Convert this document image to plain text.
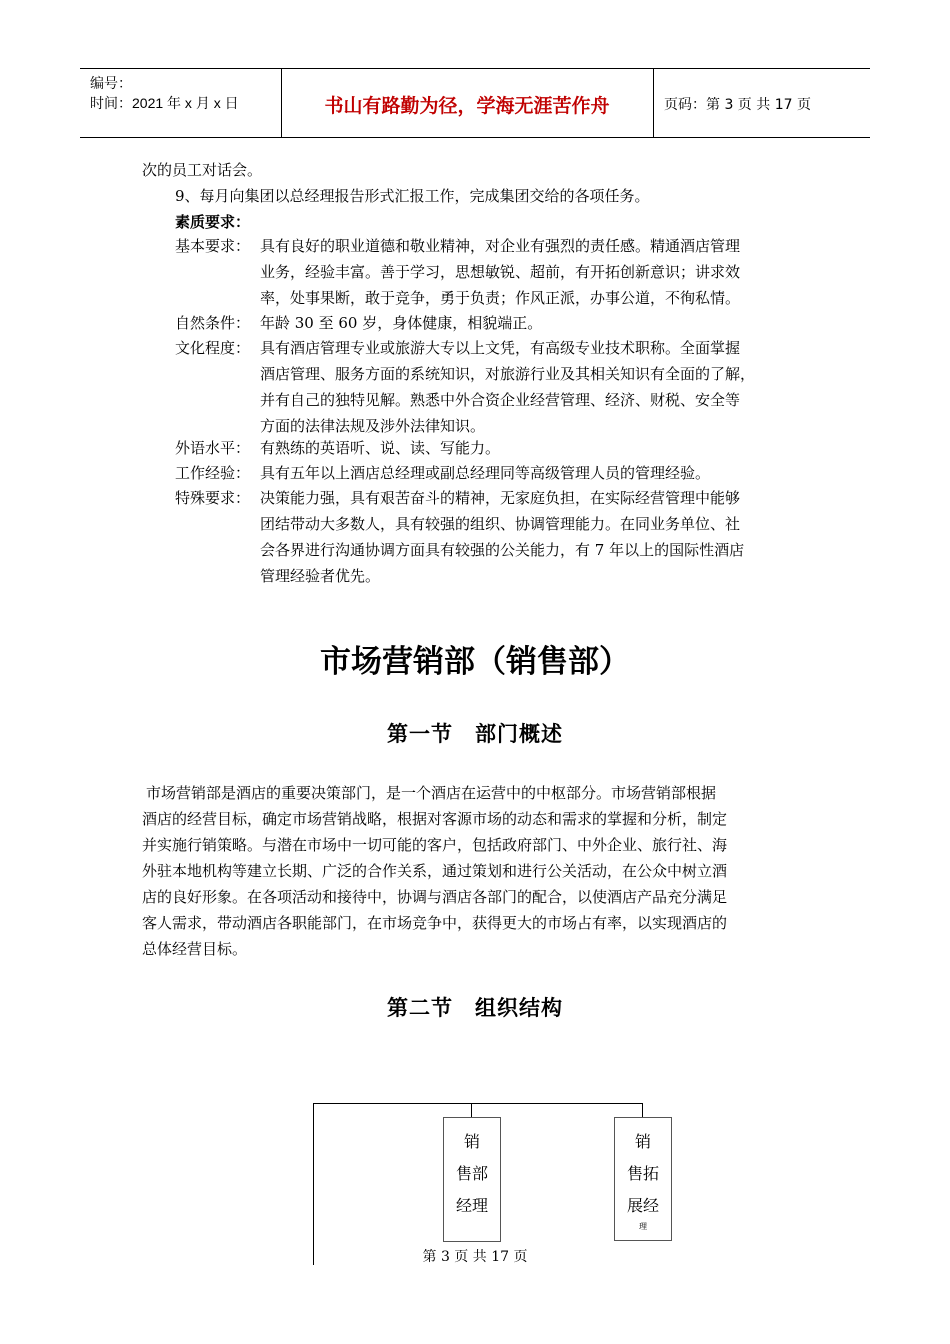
编号：
时间：2021 年 x 月 x 日	书山有路勤为径，学海无涯苦作舟	页码：第 3 页 共 17 页
次的员工对话会。
9、每月向集团以总经理报告形式汇报工作，完成集团交给的各项任务。
素质要求：
基本要求： 具有良好的职业道德和敬业精神，对企业有强烈的责任感。精通酒店管理
业务，经验丰富。善于学习，思想敏锐、超前，有开拓创新意识；讲求效
率，处事果断，敢于竞争，勇于负责；作风正派，办事公道，不徇私情。
自然条件： 年龄 30 至 60 岁，身体健康，相貌端正。
文化程度： 具有酒店管理专业或旅游大专以上文凭，有高级专业技术职称。全面掌握
酒店管理、服务方面的系统知识，对旅游行业及其相关知识有全面的了解，
并有自己的独特见解。熟悉中外合资企业经营管理、经济、财税、安全等
方面的法律法规及涉外法律知识。
外语水平： 有熟练的英语听、说、读、写能力。
工作经验： 具有五年以上酒店总经理或副总经理同等高级管理人员的管理经验。
特殊要求： 决策能力强，具有艰苦奋斗的精神，无家庭负担，在实际经营管理中能够
团结带动大多数人，具有较强的组织、协调管理能力。在同业务单位、社
会各界进行沟通协调方面具有较强的公关能力，有 7 年以上的国际性酒店
管理经验者优先。
市场营销部（销售部）
第一节　部门概述
市场营销部是酒店的重要决策部门，是一个酒店在运营中的中枢部分。市场营销部根据
酒店的经营目标，确定市场营销战略，根据对客源市场的动态和需求的掌握和分析，制定
并实施行销策略。与潜在市场中一切可能的客户，包括政府部门、中外企业、旅行社、海
外驻本地机构等建立长期、广泛的合作关系，通过策划和进行公关活动，在公众中树立酒
店的良好形象。在各项活动和接待中，协调与酒店各部门的配合，以使酒店产品充分满足
客人需求，带动酒店各职能部门，在市场竞争中，获得更大的市场占有率，以实现酒店的
总体经营目标。
第二节　组织结构
销
售部
经理
销
售拓
展经
理
第 3 页 共 17 页
